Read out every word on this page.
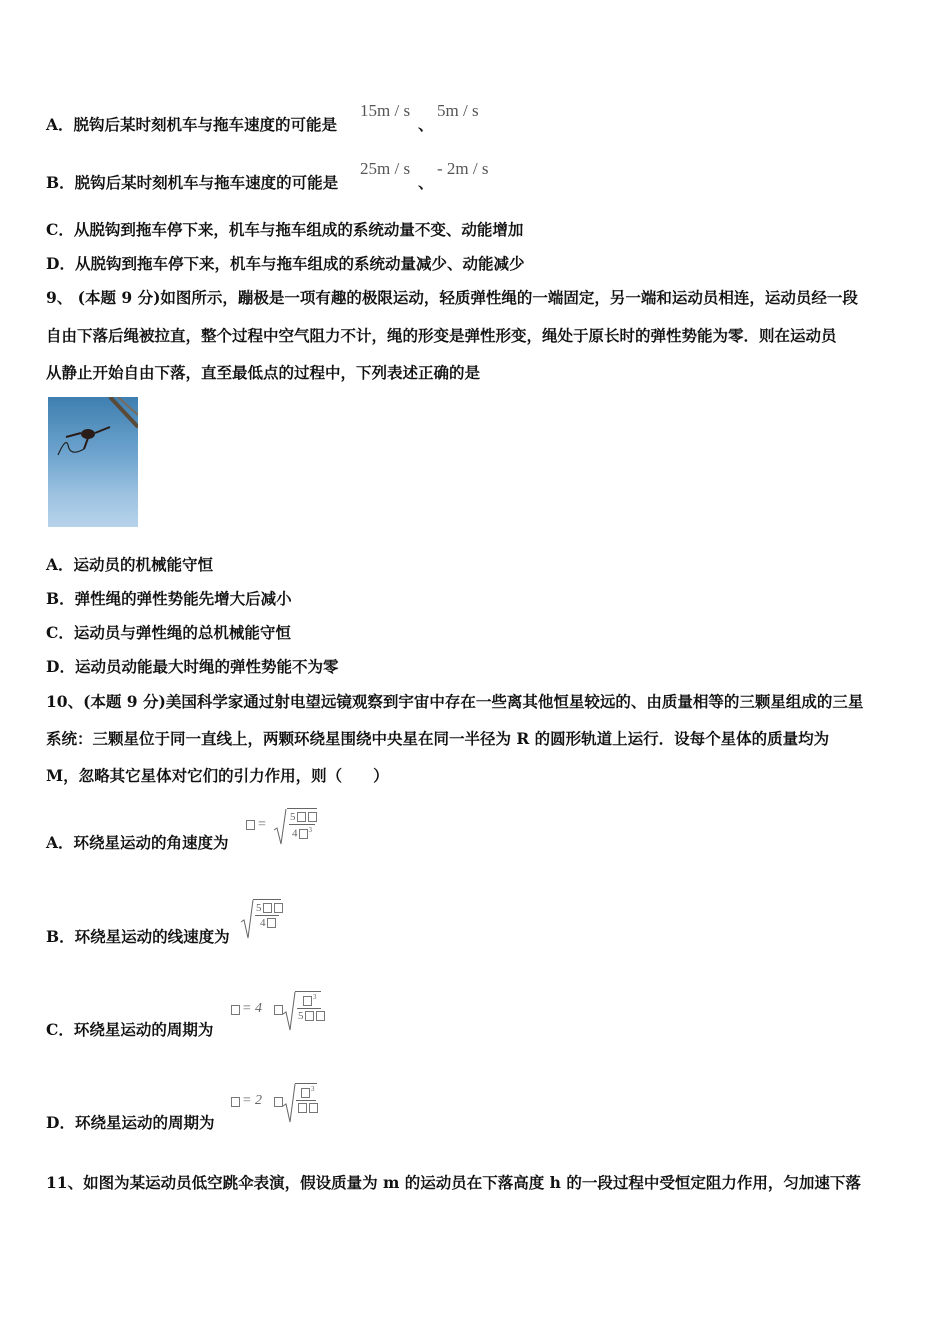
A．脱钩后某时刻机车与拖车速度的可能是
15m / s
、
5m / s
B．脱钩后某时刻机车与拖车速度的可能是
25m / s
、
- 2m / s
C．从脱钩到拖车停下来，机车与拖车组成的系统动量不变、动能增加
D．从脱钩到拖车停下来，机车与拖车组成的系统动量减少、动能减少
9、 (本题 9 分)如图所示，蹦极是一项有趣的极限运动，轻质弹性绳的一端固定，另一端和运动员相连，运动员经一段
自由下落后绳被拉直，整个过程中空气阻力不计，绳的形变是弹性形变，绳处于原长时的弹性势能为零．则在运动员
从静止开始自由下落，直至最低点的过程中，下列表述正确的是
A．运动员的机械能守恒
B．弹性绳的弹性势能先增大后减小
C．运动员与弹性绳的总机械能守恒
D．运动员动能最大时绳的弹性势能不为零
10、(本题 9 分)美国科学家通过射电望远镜观察到宇宙中存在一些离其他恒星较远的、由质量相等的三颗星组成的三星
系统：三颗星位于同一直线上，两颗环绕星围绕中央星在同一半径为 R 的圆形轨道上运行．设每个星体的质量均为
M，忽略其它星体对它们的引力作用，则（　　）
A．环绕星运动的角速度为
= 5
4 $^3$
B．环绕星运动的线速度为
5
4
C．环绕星运动的周期为
= 4
$^3$
5
D．环绕星运动的周期为
= 2
$^3$
11、如图为某运动员低空跳伞表演，假设质量为 m 的运动员在下落高度 h 的一段过程中受恒定阻力作用，匀加速下落
